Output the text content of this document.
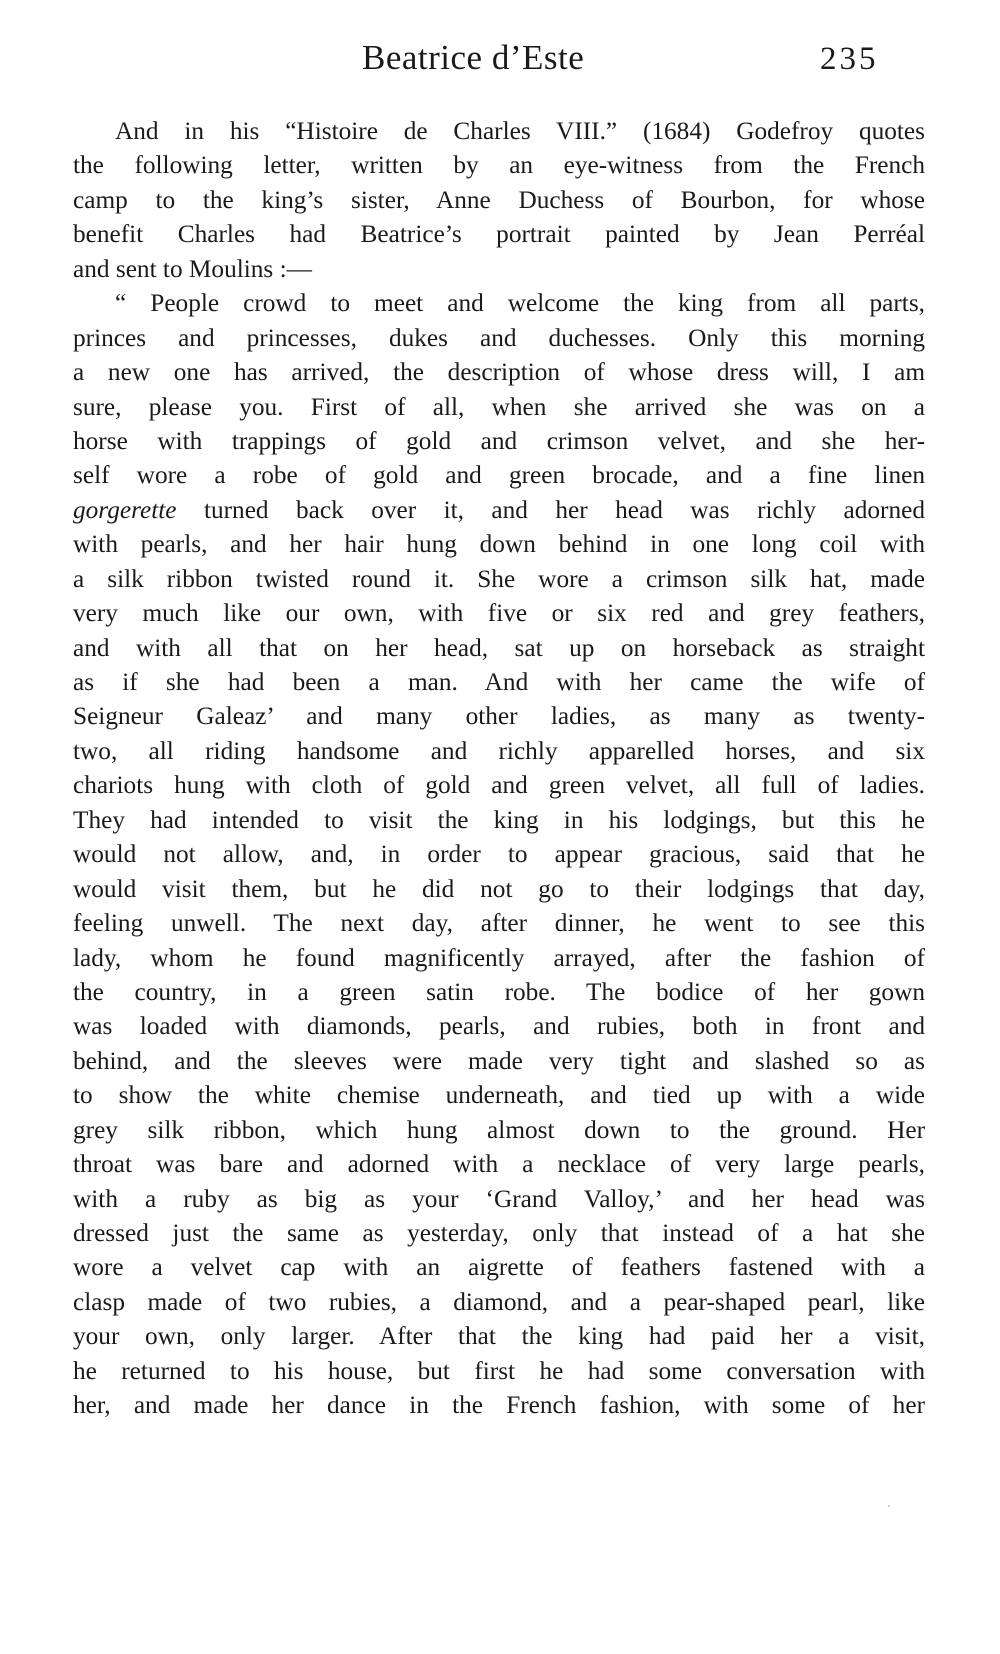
Beatrice d’Este	235
And in his “Histoire de Charles VIII.” (1684) Godefroy quotes
the following letter, written by an eye-witness from the French
camp to the king’s sister, Anne Duchess of Bourbon, for whose
benefit Charles had Beatrice’s portrait painted by Jean Perréal
and sent to Moulins :—
“ People crowd to meet and welcome the king from all parts,
princes and princesses, dukes and duchesses. Only this morning
a new one has arrived, the description of whose dress will, I am
sure, please you. First of all, when she arrived she was on a
horse with trappings of gold and crimson velvet, and she her-
self wore a robe of gold and green brocade, and a fine linen
gorgerette turned back over it, and her head was richly adorned
with pearls, and her hair hung down behind in one long coil with
a silk ribbon twisted round it. She wore a crimson silk hat, made
very much like our own, with five or six red and grey feathers,
and with all that on her head, sat up on horseback as straight
as if she had been a man. And with her came the wife of
Seigneur Galeaz’ and many other ladies, as many as twenty-
two, all riding handsome and richly apparelled horses, and six
chariots hung with cloth of gold and green velvet, all full of ladies.
They had intended to visit the king in his lodgings, but this he
would not allow, and, in order to appear gracious, said that he
would visit them, but he did not go to their lodgings that day,
feeling unwell. The next day, after dinner, he went to see this
lady, whom he found magnificently arrayed, after the fashion of
the country, in a green satin robe. The bodice of her gown
was loaded with diamonds, pearls, and rubies, both in front and
behind, and the sleeves were made very tight and slashed so as
to show the white chemise underneath, and tied up with a wide
grey silk ribbon, which hung almost down to the ground. Her
throat was bare and adorned with a necklace of very large pearls,
with a ruby as big as your ‘Grand Valloy,’ and her head was
dressed just the same as yesterday, only that instead of a hat she
wore a velvet cap with an aigrette of feathers fastened with a
clasp made of two rubies, a diamond, and a pear-shaped pearl, like
your own, only larger. After that the king had paid her a visit,
he returned to his house, but first he had some conversation with
her, and made her dance in the French fashion, with some of her
